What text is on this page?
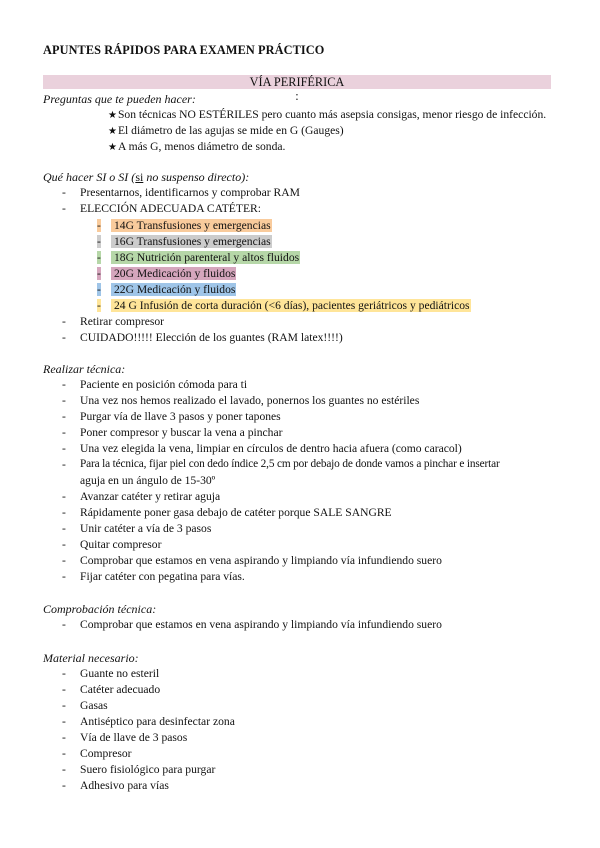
APUNTES RÁPIDOS PARA EXAMEN PRÁCTICO
VÍA PERIFÉRICA
:
Preguntas que te pueden hacer:
★Son técnicas NO ESTÉRILES pero cuanto más asepsia consigas, menor riesgo de infección.
★El diámetro de las agujas se mide en G (Gauges)
★A más G, menos diámetro de sonda.
Qué hacer SI o SI (si no suspenso directo):
- Presentarnos, identificarnos y comprobar RAM
- ELECCIÓN ADECUADA CATÉTER:
- 14G Transfusiones y emergencias
- 16G Transfusiones y emergencias
- 18G Nutrición parenteral y altos fluidos
- 20G Medicación y fluidos
- 22G Medicación y fluidos
- 24 G Infusión de corta duración (<6 días), pacientes geriátricos y pediátricos
- Retirar compresor
- CUIDADO!!!!! Elección de los guantes (RAM latex!!!!)
Realizar técnica:
- Paciente en posición cómoda para ti
- Una vez nos hemos realizado el lavado, ponernos los guantes no estériles
- Purgar vía de llave 3 pasos y poner tapones
- Poner compresor y buscar la vena a pinchar
- Una vez elegida la vena, limpiar en círculos de dentro hacia afuera (como caracol)
- Para la técnica, fijar piel con dedo índice 2,5 cm por debajo de donde vamos a pinchar e insertar
aguja en un ángulo de 15-30º
- Avanzar catéter y retirar aguja
- Rápidamente poner gasa debajo de catéter porque SALE SANGRE
- Unir catéter a vía de 3 pasos
- Quitar compresor
- Comprobar que estamos en vena aspirando y limpiando vía infundiendo suero
- Fijar catéter con pegatina para vías.
Comprobación técnica:
- Comprobar que estamos en vena aspirando y limpiando vía infundiendo suero
Material necesario:
- Guante no esteril
- Catéter adecuado
- Gasas
- Antiséptico para desinfectar zona
- Vía de llave de 3 pasos
- Compresor
- Suero fisiológico para purgar
- Adhesivo para vías
